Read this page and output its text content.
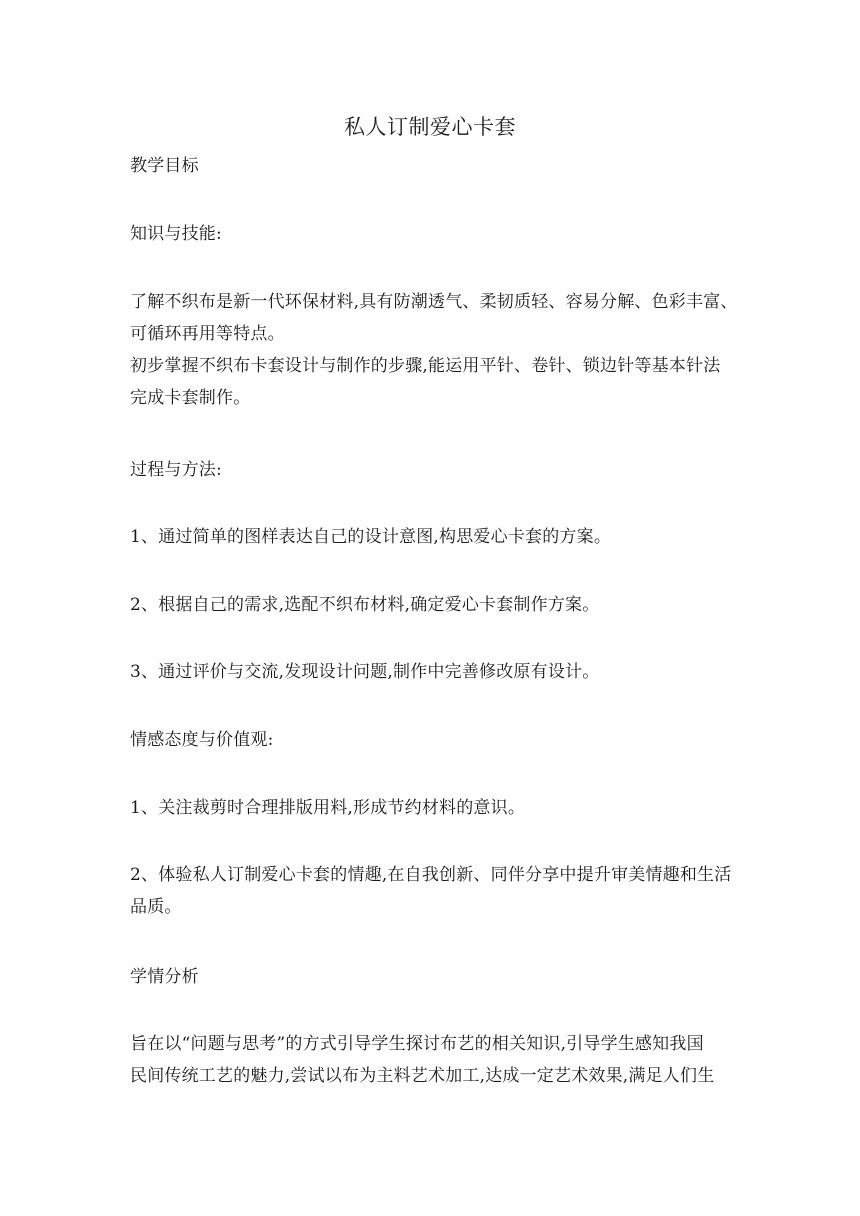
私人订制爱心卡套
教学目标
知识与技能:
了解不织布是新一代环保材料,具有防潮透气、柔韧质轻、容易分解、色彩丰富、
可循环再用等特点。
初步掌握不织布卡套设计与制作的步骤,能运用平针、卷针、锁边针等基本针法
完成卡套制作。
过程与方法:
1、通过简单的图样表达自己的设计意图,构思爱心卡套的方案。
2、根据自己的需求,选配不织布材料,确定爱心卡套制作方案。
3、通过评价与交流,发现设计问题,制作中完善修改原有设计。
情感态度与价值观:
1、关注裁剪时合理排版用料,形成节约材料的意识。
2、体验私人订制爱心卡套的情趣,在自我创新、同伴分享中提升审美情趣和生活
品质。
学情分析
旨在以“问题与思考”的方式引导学生探讨布艺的相关知识,引导学生感知我国
民间传统工艺的魅力,尝试以布为主料艺术加工,达成一定艺术效果,满足人们生
